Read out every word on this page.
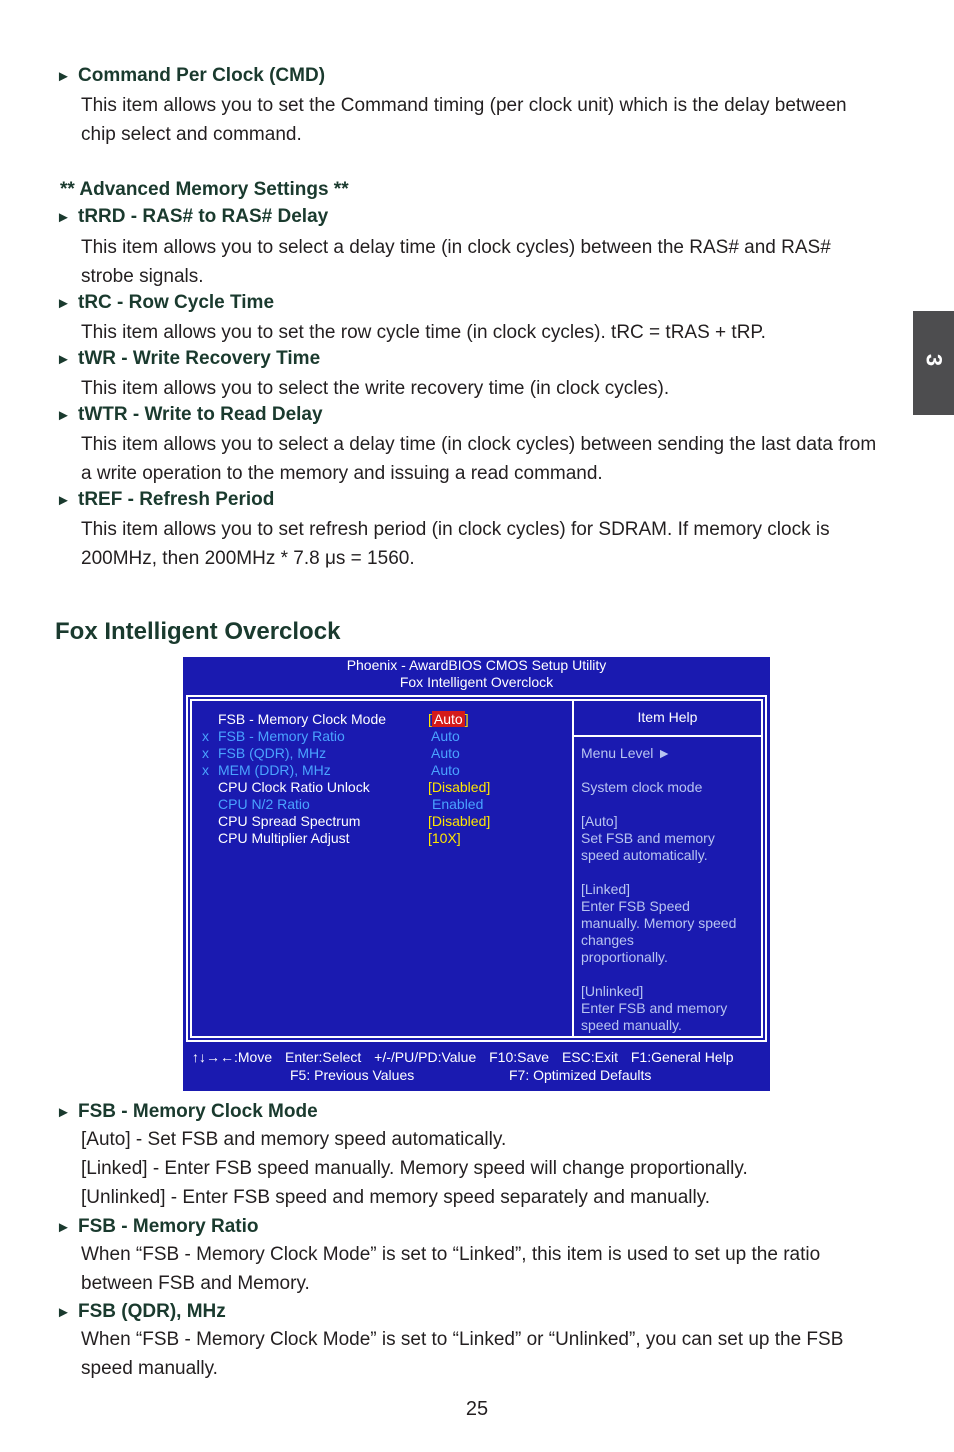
3
► Command Per Clock (CMD)
This item allows you to set the Command timing (per clock unit) which is the delay between
chip select and command.
** Advanced Memory Settings **
► tRRD - RAS# to RAS# Delay
This item allows you to select a delay time (in clock cycles) between the RAS# and RAS#
strobe signals.
► tRC - Row Cycle Time
This item allows you to set the row cycle time (in clock cycles). tRC = tRAS + tRP.
► tWR - Write Recovery Time
This item allows you to select the write recovery time (in clock cycles).
► tWTR - Write to Read Delay
This item allows you to select a delay time (in clock cycles) between sending the last data from
a write operation to the memory and issuing a read command.
► tREF - Refresh Period
This item allows you to set refresh period (in clock cycles) for SDRAM. If memory clock is
200MHz, then 200MHz * 7.8 μs = 1560.
Fox Intelligent Overclock
Phoenix - AwardBIOS CMOS Setup Utility
Fox Intelligent Overclock
Item Help
FSB - Memory Clock Mode	[ Auto ]
x FSB - Memory Ratio	Auto
x FSB (QDR), MHz	Auto
x MEM (DDR), MHz	Auto
CPU Clock Ratio Unlock	[Disabled]
CPU N/2 Ratio	Enabled
CPU Spread Spectrum	[Disabled]
CPU Multiplier Adjust	[10X]
Menu Level ►
System clock mode
[Auto]
Set FSB and memory
speed automatically.
[Linked]
Enter FSB Speed
manually. Memory speed
changes
proportionally.
[Unlinked]
Enter FSB and memory
speed manually.
↑↓→←:Move Enter:Select +/-/PU/PD:Value F10:Save ESC:Exit F1:General Help
F5: Previous Values	F7: Optimized Defaults
► FSB - Memory Clock Mode
[Auto] - Set FSB and memory speed automatically.
[Linked] - Enter FSB speed manually. Memory speed will change proportionally.
[Unlinked] - Enter FSB speed and memory speed separately and manually.
► FSB - Memory Ratio
When “FSB - Memory Clock Mode” is set to “Linked”, this item is used to set up the ratio
between FSB and Memory.
► FSB (QDR), MHz
When “FSB - Memory Clock Mode” is set to “Linked” or “Unlinked”, you can set up the FSB
speed manually.
25
